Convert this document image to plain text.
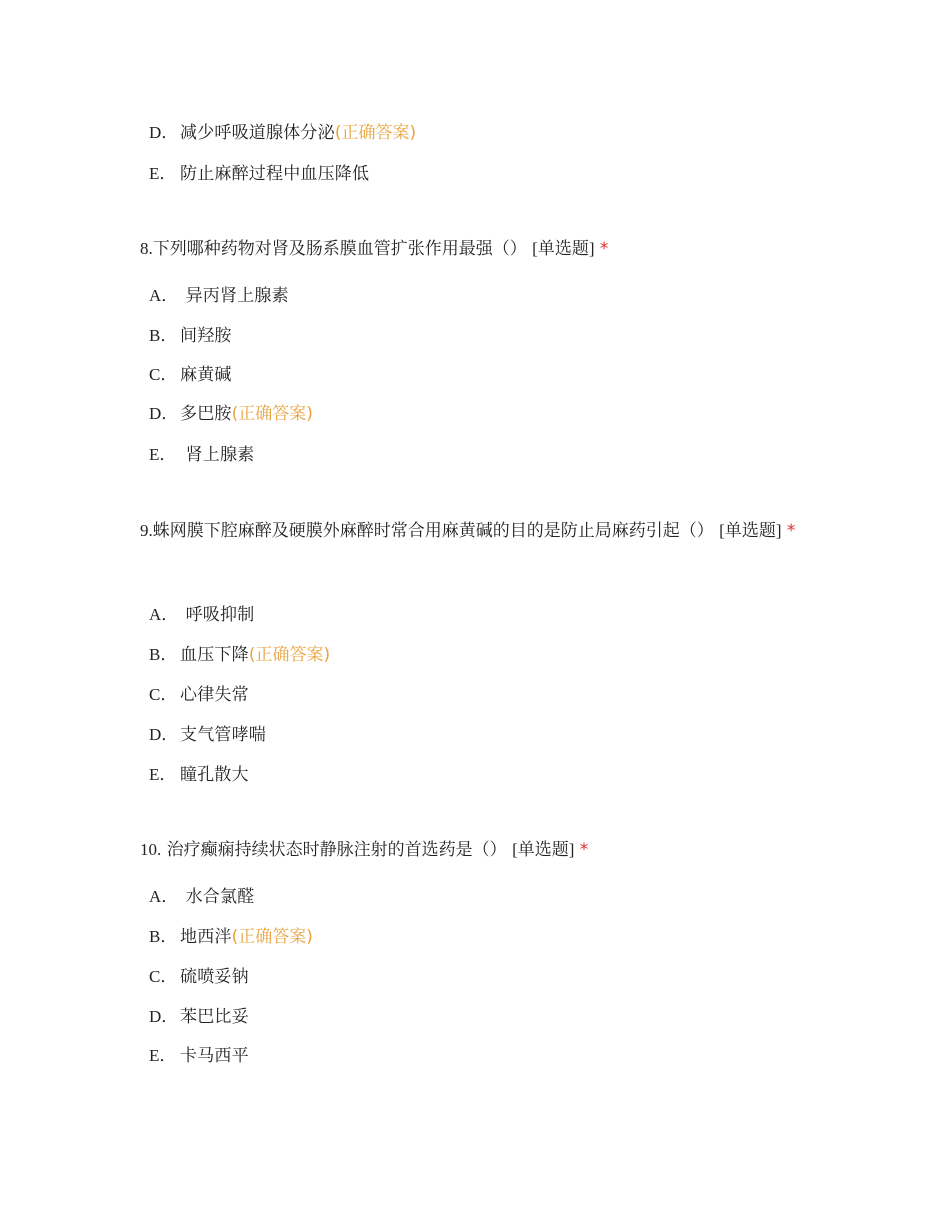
D． 减少呼吸道腺体分泌(正确答案)
E． 防止麻醉过程中血压降低
8.下列哪种药物对肾及肠系膜血管扩张作用最强（） [单选题] *
A． 异丙肾上腺素
B． 间羟胺
C． 麻黄碱
D． 多巴胺(正确答案)
E． 肾上腺素
9.蛛网膜下腔麻醉及硬膜外麻醉时常合用麻黄碱的目的是防止局麻药引起（） [单选题] *
A． 呼吸抑制
B． 血压下降(正确答案)
C． 心律失常
D． 支气管哮喘
E． 瞳孔散大
10. 治疗癫痫持续状态时静脉注射的首选药是（） [单选题] *
A． 水合氯醛
B． 地西泮(正确答案)
C． 硫喷妥钠
D． 苯巴比妥
E． 卡马西平
